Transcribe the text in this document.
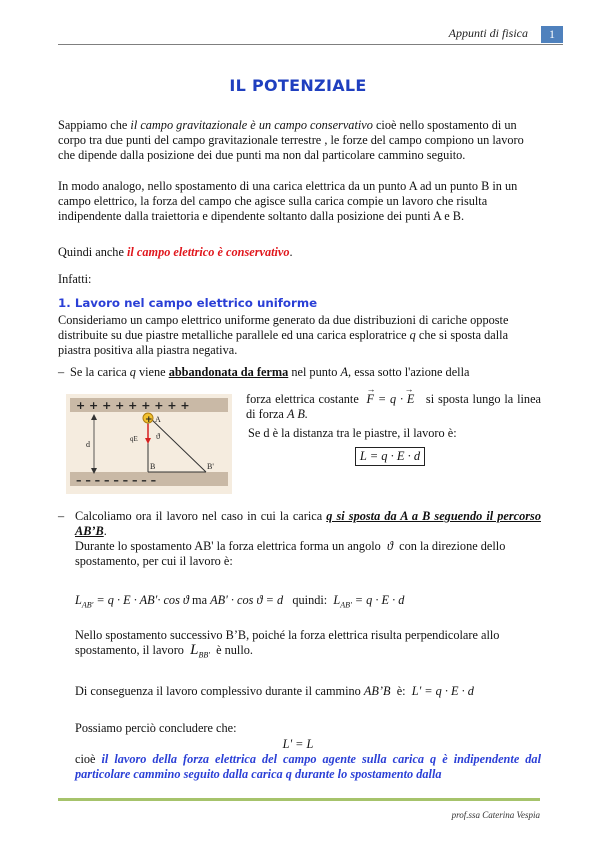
Appunti di fisica	1
IL POTENZIALE
Sappiamo che il campo gravitazionale è un campo conservativo cioè nello spostamento di un corpo tra due punti del campo gravitazionale terrestre , le forze del campo compiono un lavoro che dipende dalla posizione dei due punti ma non dal particolare cammino seguito.
In modo analogo, nello spostamento di una carica elettrica da un punto A ad un punto B in un campo elettrico, la forza del campo che agisce sulla carica compie un lavoro che risulta indipendente dalla traiettoria e dipendente soltanto dalla posizione dei punti A e B.
Quindi anche il campo elettrico è conservativo.
Infatti:
1. Lavoro nel campo elettrico uniforme
Consideriamo un campo elettrico uniforme generato da due distribuzioni di cariche opposte distribuite su due piastre metalliche parallele ed una carica esploratrice q che si sposta dalla piastra positiva alla piastra negativa.
– Se la carica q viene abbandonata da ferma nel punto A, essa sotto l'azione della
+ + + + + + + + +
– – – – – – – – –
+ A
ϑ
qE
d
B	B'
forza elettrica costante
→	→
F = q · E si sposta lungo la linea di forza A B.
Se d è la distanza tra le piastre, il lavoro è:
L = q · E · d
– Calcoliamo ora il lavoro nel caso in cui la carica q si sposta da A a B seguendo il percorso AB’B.
Durante lo spostamento AB' la forza elettrica forma un angolo ϑ con la direzione dello spostamento, per cui il lavoro è:
$L_{AB'} = q \cdot E \cdot AB'\cdot \cos ϑ$ ma AB' · cos ϑ = d quindi: $L_{AB'} = q \cdot E \cdot d$
Nello spostamento successivo B’B, poiché la forza elettrica risulta perpendicolare allo spostamento, il lavoro $L_{BB'}$ è nullo.
Di conseguenza il lavoro complessivo durante il cammino AB’B è: L' = q · E · d
Possiamo perciò concludere che:
L' = L
cioè il lavoro della forza elettrica del campo agente sulla carica q è indipendente dal particolare cammino seguito dalla carica q durante lo spostamento dalla
prof.ssa Caterina Vespia
